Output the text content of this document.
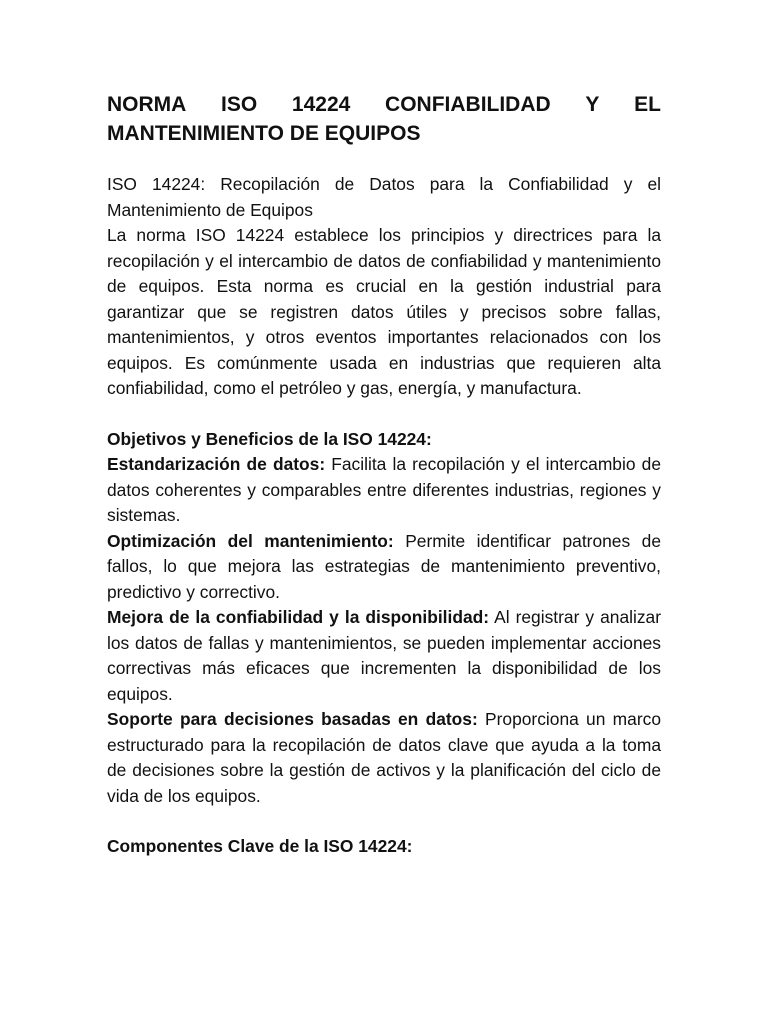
NORMA ISO 14224 CONFIABILIDAD Y EL
MANTENIMIENTO DE EQUIPOS

ISO 14224: Recopilación de Datos para la Confiabilidad y el Mantenimiento de Equipos

La norma ISO 14224 establece los principios y directrices para la recopilación y el intercambio de datos de confiabilidad y mantenimiento de equipos. Esta norma es crucial en la gestión industrial para garantizar que se registren datos útiles y precisos sobre fallas, mantenimientos, y otros eventos importantes relacionados con los equipos. Es comúnmente usada en industrias que requieren alta confiabilidad, como el petróleo y gas, energía, y manufactura.

Objetivos y Beneficios de la ISO 14224:

Estandarización de datos: Facilita la recopilación y el intercambio de datos coherentes y comparables entre diferentes industrias, regiones y sistemas.

Optimización del mantenimiento: Permite identificar patrones de fallos, lo que mejora las estrategias de mantenimiento preventivo, predictivo y correctivo.

Mejora de la confiabilidad y la disponibilidad: Al registrar y analizar los datos de fallas y mantenimientos, se pueden implementar acciones correctivas más eficaces que incrementen la disponibilidad de los equipos.

Soporte para decisiones basadas en datos: Proporciona un marco estructurado para la recopilación de datos clave que ayuda a la toma de decisiones sobre la gestión de activos y la planificación del ciclo de vida de los equipos.

Componentes Clave de la ISO 14224:
